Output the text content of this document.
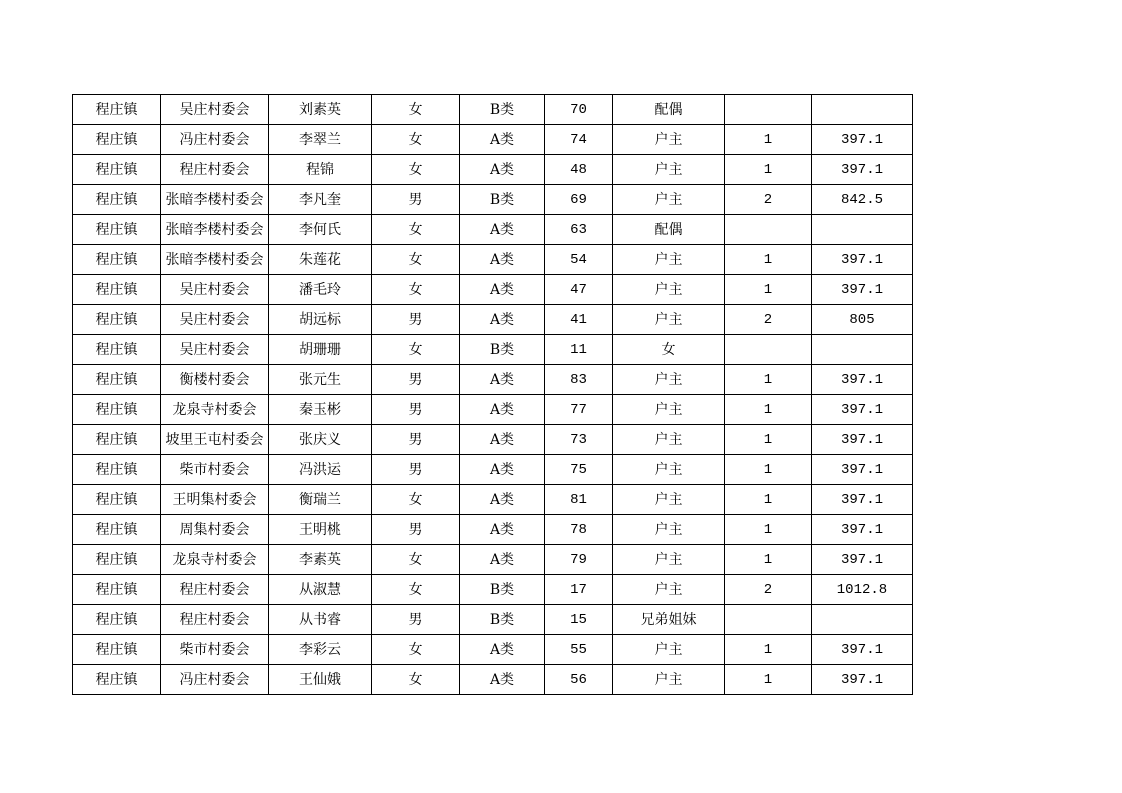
程庄镇	吴庄村委会	刘素英	女	B类	70	配偶		
程庄镇	冯庄村委会	李翠兰	女	A类	74	户主	1	397.1
程庄镇	程庄村委会	程锦	女	A类	48	户主	1	397.1
程庄镇	张暗李楼村委会	李凡奎	男	B类	69	户主	2	842.5
程庄镇	张暗李楼村委会	李何氏	女	A类	63	配偶		
程庄镇	张暗李楼村委会	朱莲花	女	A类	54	户主	1	397.1
程庄镇	吴庄村委会	潘毛玲	女	A类	47	户主	1	397.1
程庄镇	吴庄村委会	胡远标	男	A类	41	户主	2	805
程庄镇	吴庄村委会	胡珊珊	女	B类	11	女		
程庄镇	衡楼村委会	张元生	男	A类	83	户主	1	397.1
程庄镇	龙泉寺村委会	秦玉彬	男	A类	77	户主	1	397.1
程庄镇	坡里王屯村委会	张庆义	男	A类	73	户主	1	397.1
程庄镇	柴市村委会	冯洪运	男	A类	75	户主	1	397.1
程庄镇	王明集村委会	衡瑞兰	女	A类	81	户主	1	397.1
程庄镇	周集村委会	王明桃	男	A类	78	户主	1	397.1
程庄镇	龙泉寺村委会	李素英	女	A类	79	户主	1	397.1
程庄镇	程庄村委会	从淑慧	女	B类	17	户主	2	1012.8
程庄镇	程庄村委会	从书睿	男	B类	15	兄弟姐妹		
程庄镇	柴市村委会	李彩云	女	A类	55	户主	1	397.1
程庄镇	冯庄村委会	王仙娥	女	A类	56	户主	1	397.1
